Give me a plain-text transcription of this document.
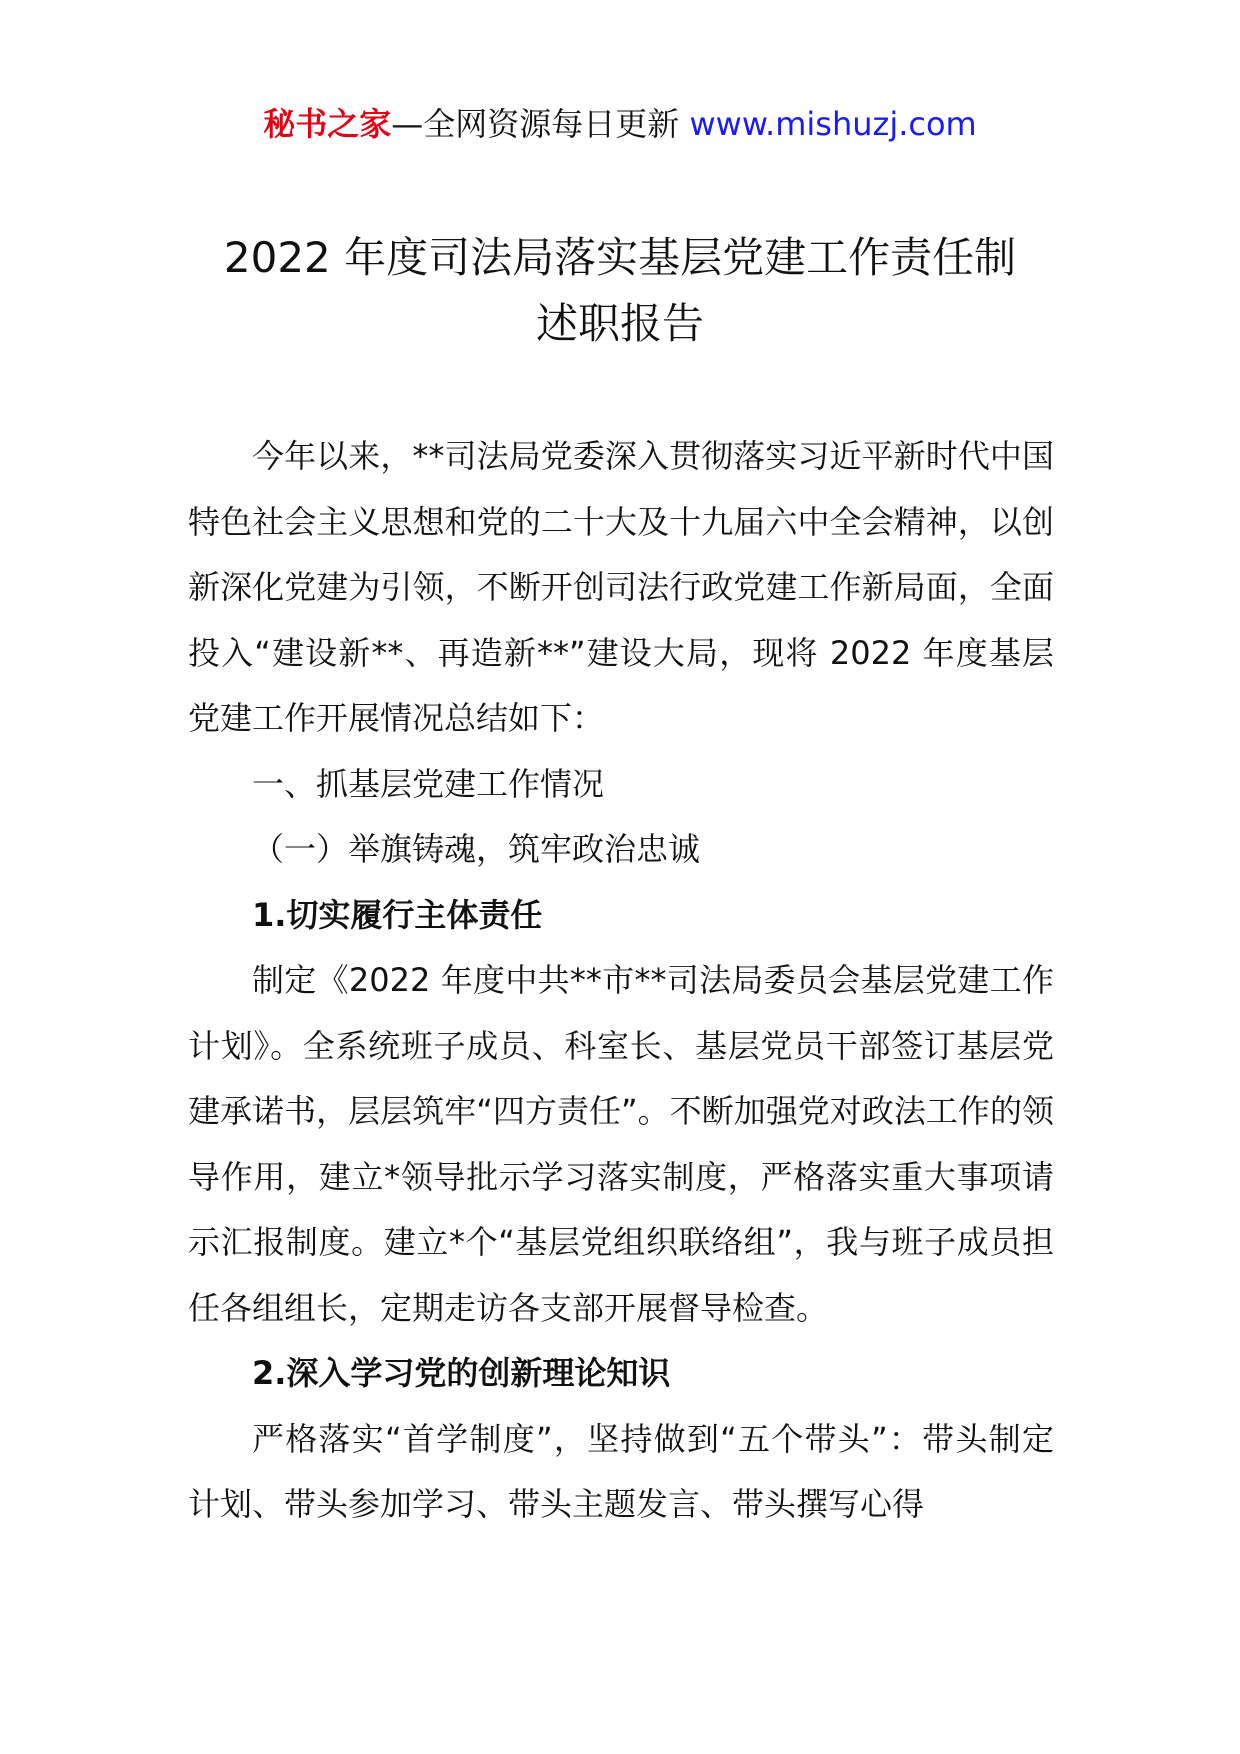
秘书之家—全网资源每日更新 www.mishuzj.com
2022 年度司法局落实基层党建工作责任制
述职报告

今年以来，**司法局党委深入贯彻落实习近平新时代中国特色社会主义思想和党的二十大及十九届六中全会精神，以创新深化党建为引领，不断开创司法行政党建工作新局面，全面投入“建设新**、再造新**”建设大局，现将 2022 年度基层党建工作开展情况总结如下：

一、抓基层党建工作情况

（一）举旗铸魂，筑牢政治忠诚

1.切实履行主体责任

制定《2022 年度中共**市**司法局委员会基层党建工作计划》。全系统班子成员、科室长、基层党员干部签订基层党建承诺书，层层筑牢“四方责任”。不断加强党对政法工作的领导作用，建立*领导批示学习落实制度，严格落实重大事项请示汇报制度。建立*个“基层党组织联络组”，我与班子成员担任各组组长，定期走访各支部开展督导检查。

2.深入学习党的创新理论知识

严格落实“首学制度”，坚持做到“五个带头”：带头制定计划、带头参加学习、带头主题发言、带头撰写心得
